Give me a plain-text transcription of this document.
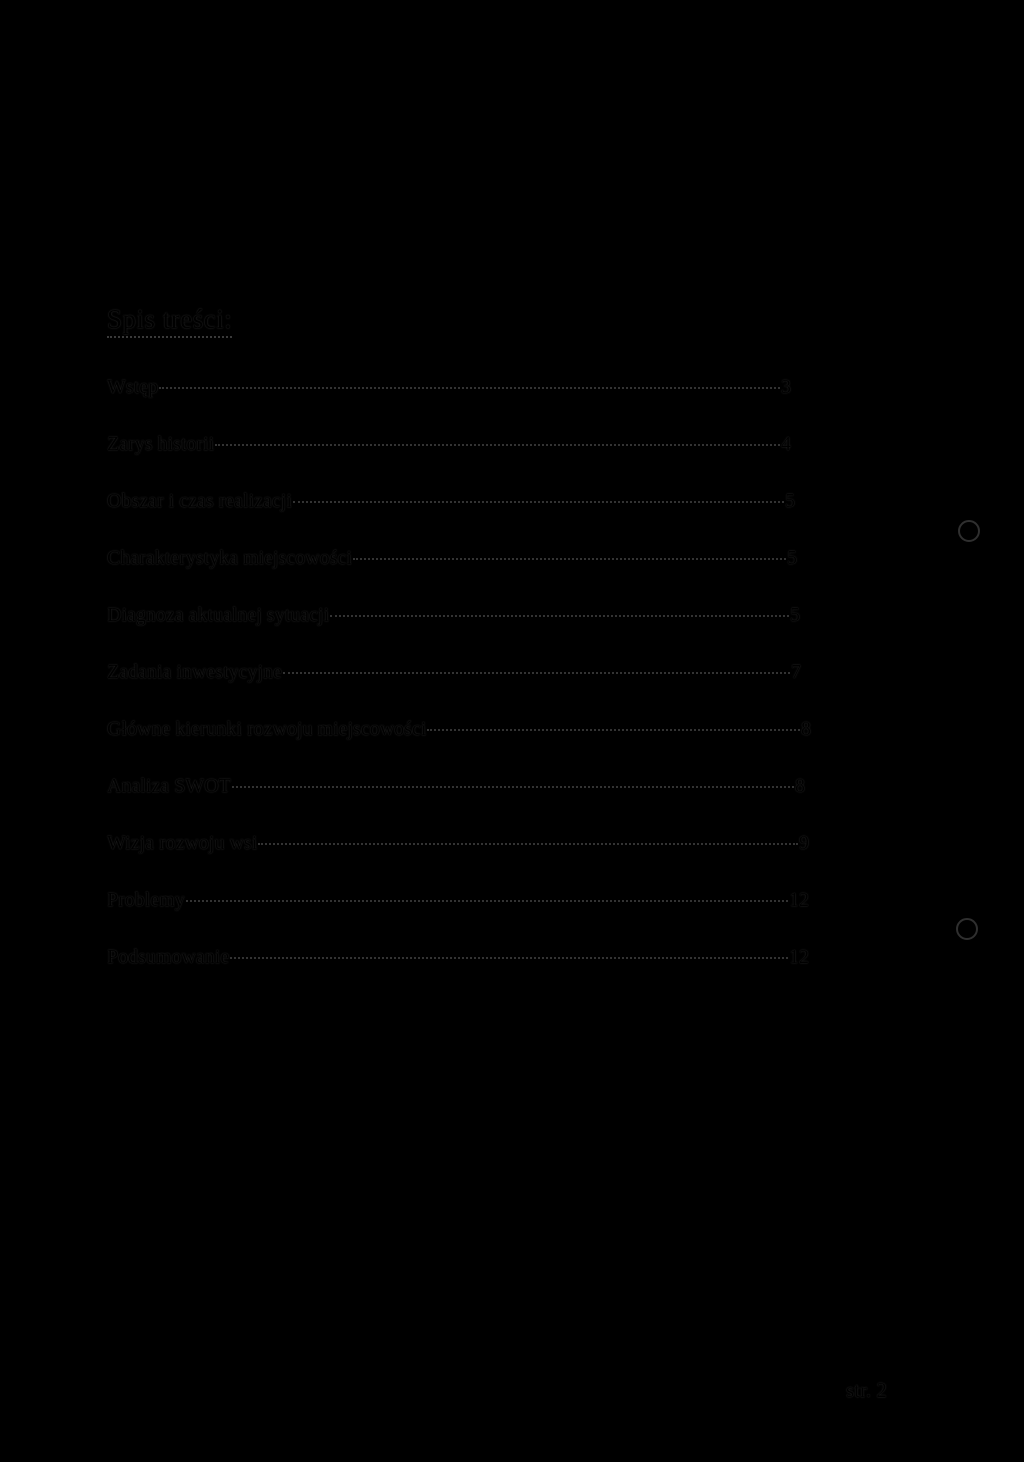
Spis treści:
Wstęp	3
Zarys historii	4
Obszar i czas realizacji	5
Charakterystyka miejscowości	5
Diagnoza aktualnej sytuacji	5
Zadania inwestycyjne	7
Główne kierunki rozwoju miejscowości	8
Analiza SWOT	8
Wizja rozwoju wsi	9
Problemy	12
Podsumowanie	12
str. 2
